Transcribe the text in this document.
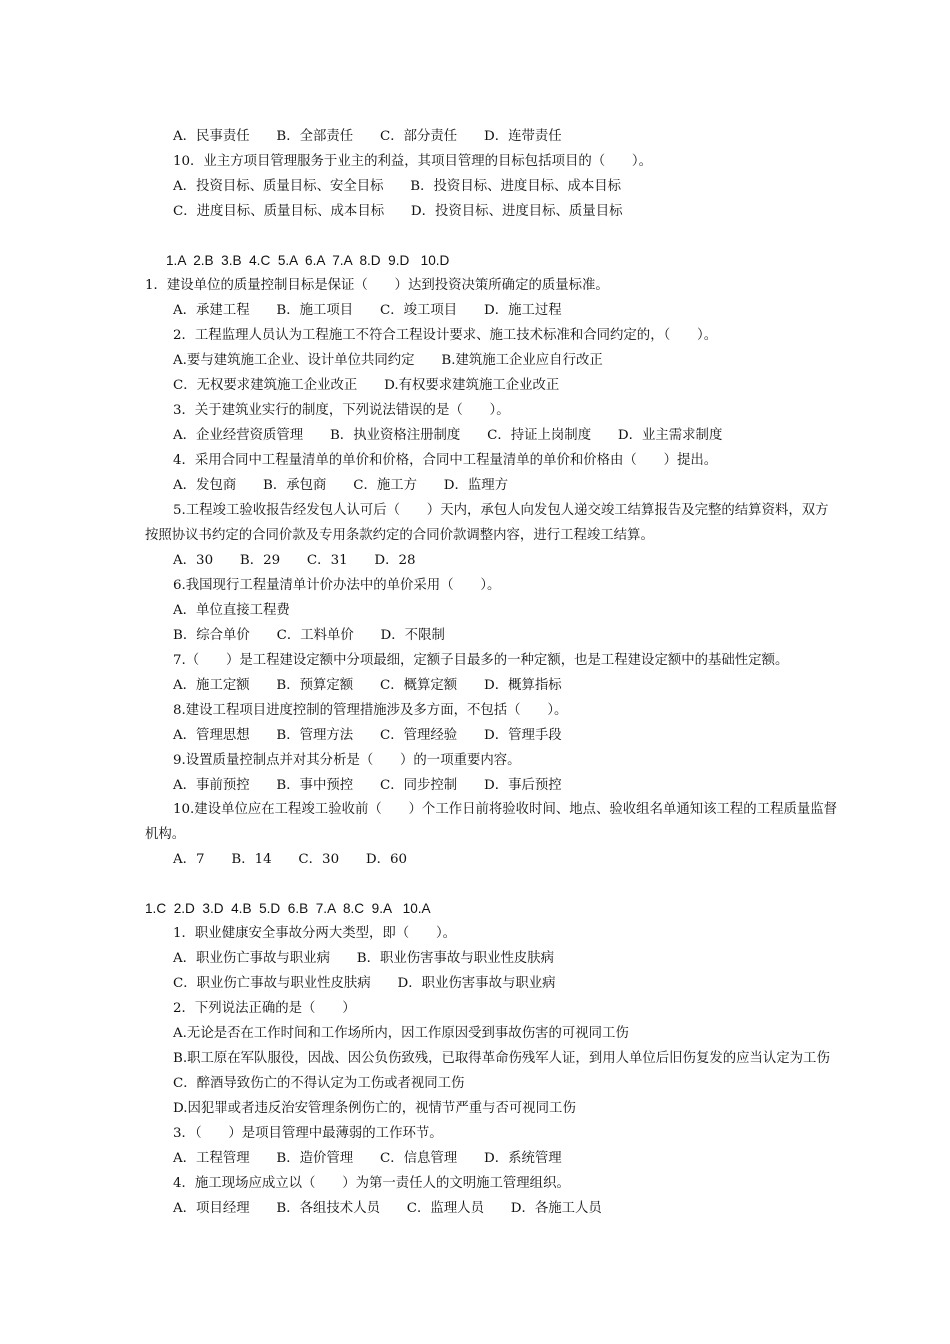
A．民事责任　　B．全部责任　　C．部分责任　　D．连带责任
10．业主方项目管理服务于业主的利益，其项目管理的目标包括项目的（　　）。
A．投资目标、质量目标、安全目标　　B．投资目标、进度目标、成本目标
C．进度目标、质量目标、成本目标　　D．投资目标、进度目标、质量目标
1.A  2.B  3.B  4.C  5.A  6.A  7.A  8.D  9.D   10.D
1．建设单位的质量控制目标是保证（　　）达到投资决策所确定的质量标准。
A．承建工程　　B．施工项目　　C．竣工项目　　D．施工过程
2．工程监理人员认为工程施工不符合工程设计要求、施工技术标准和合同约定的，（　　）。
A.要与建筑施工企业、设计单位共同约定　　B.建筑施工企业应自行改正
C．无权要求建筑施工企业改正　　D.有权要求建筑施工企业改正
3．关于建筑业实行的制度，下列说法错误的是（　　）。
A．企业经营资质管理　　B．执业资格注册制度　　C．持证上岗制度　　D．业主需求制度
4．采用合同中工程量清单的单价和价格，合同中工程量清单的单价和价格由（　　）提出。
A．发包商　　B．承包商　　C．施工方　　D．监理方
5.工程竣工验收报告经发包人认可后（　　）天内，承包人向发包人递交竣工结算报告及完整的结算资料，双方
按照协议书约定的合同价款及专用条款约定的合同价款调整内容，进行工程竣工结算。
A．30　　B．29　　C．31　　D．28
6.我国现行工程量清单计价办法中的单价采用（　　）。
A．单位直接工程费
B．综合单价　　C．工料单价　　D．不限制
7.（　　）是工程建设定额中分项最细，定额子目最多的一种定额，也是工程建设定额中的基础性定额。
A．施工定额　　B．预算定额　　C．概算定额　　D．概算指标
8.建设工程项目进度控制的管理措施涉及多方面，不包括（　　）。
A．管理思想　　B．管理方法　　C．管理经验　　D．管理手段
9.设置质量控制点并对其分析是（　　）的一项重要内容。
A．事前预控　　B．事中预控　　C．同步控制　　D．事后预控
10.建设单位应在工程竣工验收前（　　）个工作日前将验收时间、地点、验收组名单通知该工程的工程质量监督
机构。
A．7　　B．14　　C．30　　D．60
1.C  2.D  3.D  4.B  5.D  6.B  7.A  8.C  9.A   10.A
1．职业健康安全事故分两大类型，即（　　）。
A．职业伤亡事故与职业病　　B．职业伤害事故与职业性皮肤病
C．职业伤亡事故与职业性皮肤病　　D．职业伤害事故与职业病
2．下列说法正确的是（　　）
A.无论是否在工作时间和工作场所内，因工作原因受到事故伤害的可视同工伤
B.职工原在军队服役，因战、因公负伤致残，已取得革命伤残军人证，到用人单位后旧伤复发的应当认定为工伤
C．醉酒导致伤亡的不得认定为工伤或者视同工伤
D.因犯罪或者违反治安管理条例伤亡的，视情节严重与否可视同工伤
3．（　　）是项目管理中最薄弱的工作环节。
A．工程管理　　B．造价管理　　C．信息管理　　D．系统管理
4．施工现场应成立以（　　）为第一责任人的文明施工管理组织。
A．项目经理　　B．各组技术人员　　C．监理人员　　D．各施工人员
